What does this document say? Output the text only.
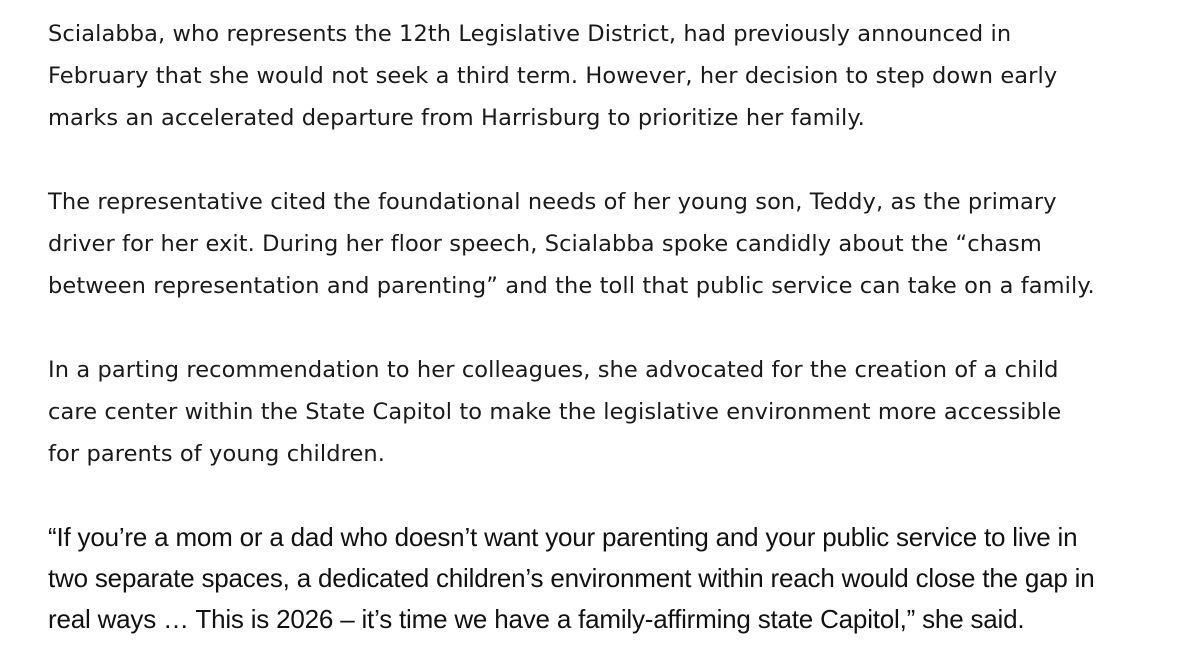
Scialabba, who represents the 12th Legislative District, had previously announced in
February that she would not seek a third term. However, her decision to step down early
marks an accelerated departure from Harrisburg to prioritize her family.

The representative cited the foundational needs of her young son, Teddy, as the primary
driver for her exit. During her floor speech, Scialabba spoke candidly about the “chasm
between representation and parenting” and the toll that public service can take on a family.

In a parting recommendation to her colleagues, she advocated for the creation of a child
care center within the State Capitol to make the legislative environment more accessible
for parents of young children.

“If you’re a mom or a dad who doesn’t want your parenting and your public service to live in
two separate spaces, a dedicated children’s environment within reach would close the gap in
real ways … This is 2026 – it’s time we have a family-affirming state Capitol,” she said.
